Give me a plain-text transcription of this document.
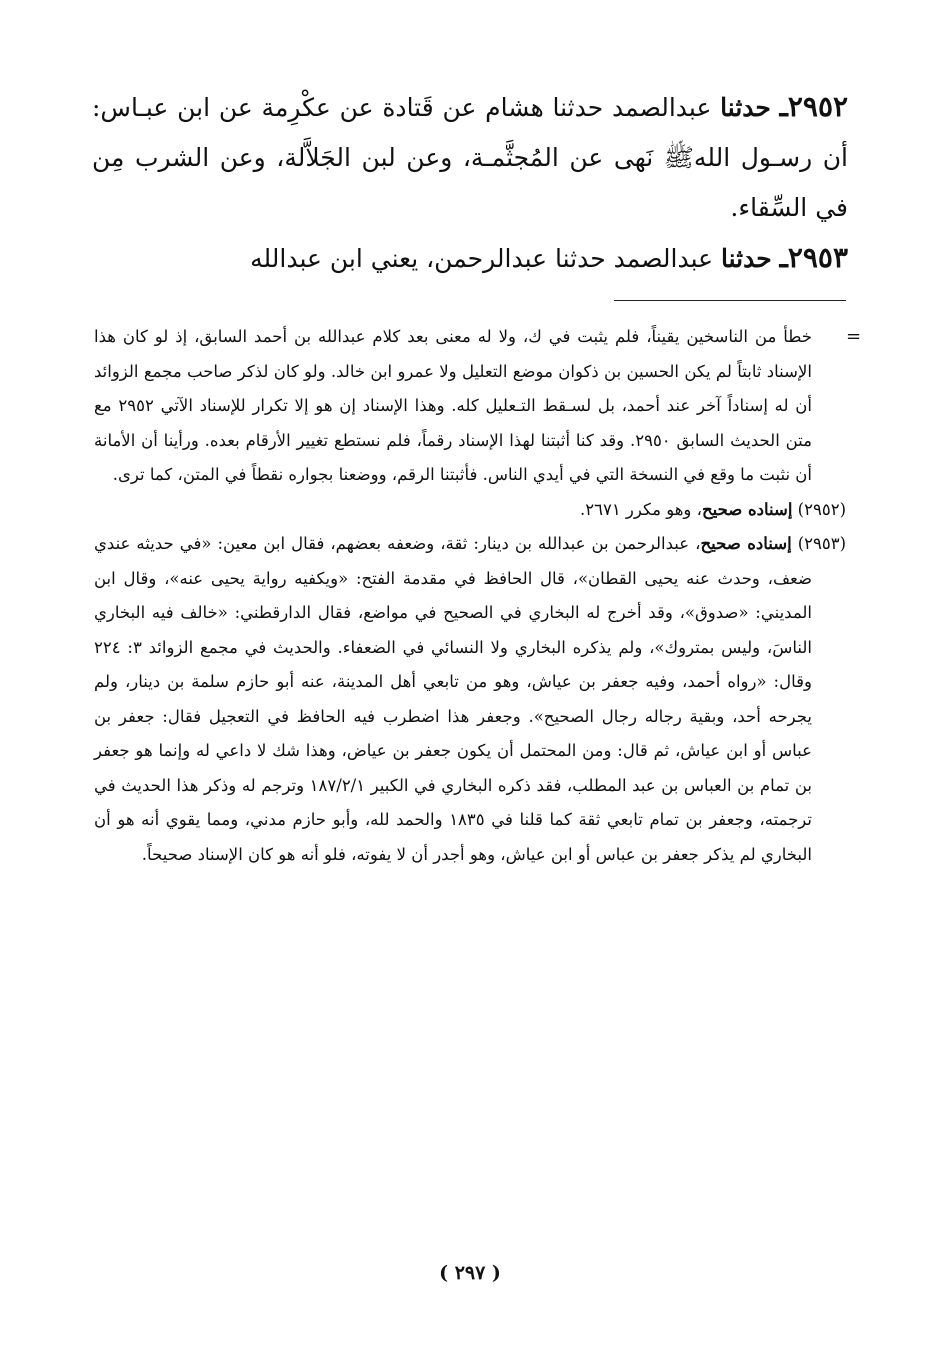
٢٩٥٢ـ حدثنا عبدالصمد حدثنا هشام عن قَتادة عن عكْرِمة عن ابن عبـاس: أن رسـول اللهﷺ نَهى عن المُجثَّمـة، وعن لبن الجَلاَّلة، وعن الشرب مِن في السِّقاء.

٢٩٥٣ـ حدثنا عبدالصمد حدثنا عبدالرحمن، يعني ابن عبدالله

=

خطأ من الناسخين يقيناً، فلم يثبت في ك، ولا له معنى بعد كلام عبدالله بن أحمد السابق، إذ لو كان هذا الإسناد ثابتاً لم يكن الحسين بن ذكوان موضع التعليل ولا عمرو ابن خالد. ولو كان لذكر صاحب مجمع الزوائد أن له إسناداً آخر عند أحمد، بل لسـقط التـعليل كله. وهذا الإسناد إن هو إلا تكرار للإسناد الآتي ٢٩٥٢ مع متن الحديث السابق ٢٩٥٠. وقد كنا أثبتنا لهذا الإسناد رقماً، فلم نستطع تغيير الأرقام بعده. ورأينا أن الأمانة أن نثبت ما وقع في النسخة التي في أيدي الناس. فأثبتنا الرقم، ووضعنا بجواره نقطاً في المتن، كما ترى.

(٢٩٥٢) إسناده صحيح، وهو مكرر ٢٦٧١.

(٢٩٥٣) إسناده صحيح، عبدالرحمن بن عبدالله بن دينار: ثقة، وضعفه بعضهم، فقال ابن معين: «في حديثه عندي ضعف، وحدث عنه يحيى القطان»، قال الحافظ في مقدمة الفتح: «ويكفيه رواية يحيى عنه»، وقال ابن المديني: «صدوق»، وقد أخرج له البخاري في الصحيح في مواضع، فقال الدارقطني: «خالف فيه البخاري الناسَ، وليس بمتروك»، ولم يذكره البخاري ولا النسائي في الضعفاء. والحديث في مجمع الزوائد ٣: ٢٢٤ وقال: «رواه أحمد، وفيه جعفر بن عياش، وهو من تابعي أهل المدينة، عنه أبو حازم سلمة بن دينار، ولم يجرحه أحد، وبقية رجاله رجال الصحيح». وجعفر هذا اضطرب فيه الحافظ في التعجيل فقال: جعفر بن عباس أو ابن عياش، ثم قال: ومن المحتمل أن يكون جعفر بن عياض، وهذا شك لا داعي له وإنما هو جعفر بن تمام بن العباس بن عبد المطلب، فقد ذكره البخاري في الكبير ١٨٧/٢/١ وترجم له وذكر هذا الحديث في ترجمته، وجعفر بن تمام تابعي ثقة كما قلنا في ١٨٣٥ والحمد لله، وأبو حازم مدني، ومما يقوي أنه هو أن البخاري لم يذكر جعفر بن عباس أو ابن عياش، وهو أجدر أن لا يفوته، فلو أنه هو كان الإسناد صحيحاً.

( ٢٩٧ )
